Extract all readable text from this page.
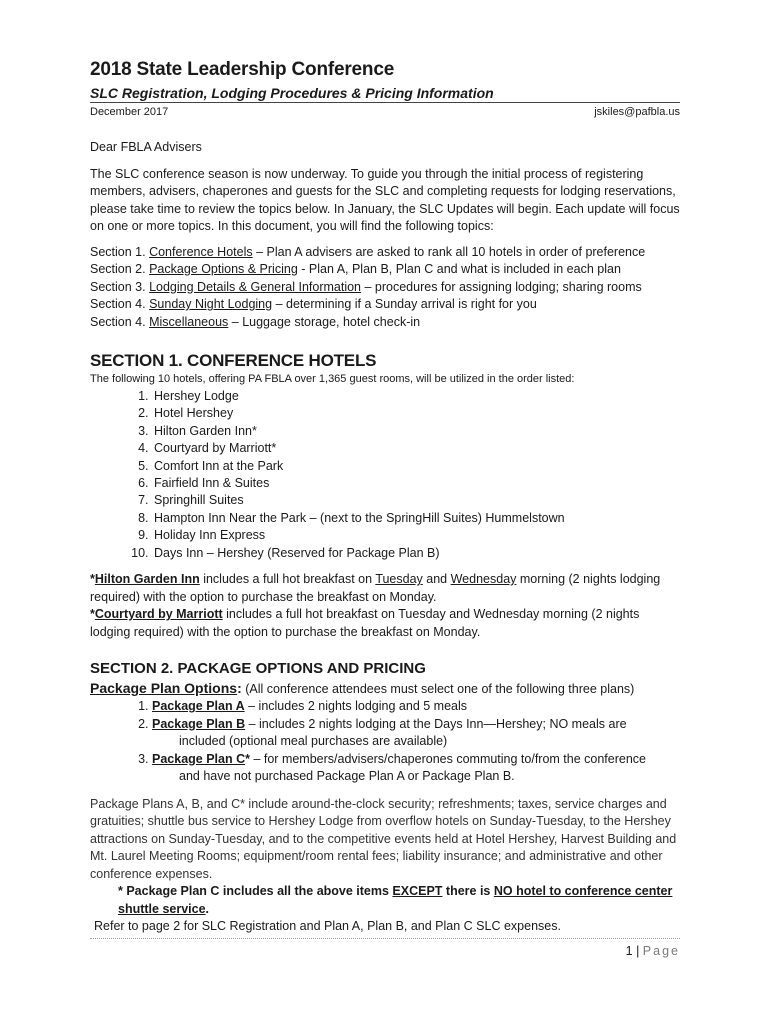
2018 State Leadership Conference
SLC Registration, Lodging Procedures & Pricing Information
December 2017	jskiles@pafbla.us

Dear FBLA Advisers

The SLC conference season is now underway. To guide you through the initial process of registering members, advisers, chaperones and guests for the SLC and completing requests for lodging reservations, please take time to review the topics below. In January, the SLC Updates will begin. Each update will focus on one or more topics. In this document, you will find the following topics:

Section 1. Conference Hotels – Plan A advisers are asked to rank all 10 hotels in order of preference
Section 2. Package Options & Pricing - Plan A, Plan B, Plan C and what is included in each plan
Section 3. Lodging Details & General Information – procedures for assigning lodging; sharing rooms
Section 4. Sunday Night Lodging – determining if a Sunday arrival is right for you
Section 4. Miscellaneous – Luggage storage, hotel check-in
SECTION 1. CONFERENCE HOTELS
The following 10 hotels, offering PA FBLA over 1,365 guest rooms, will be utilized in the order listed:
1. Hershey Lodge
2. Hotel Hershey
3. Hilton Garden Inn*
4. Courtyard by Marriott*
5. Comfort Inn at the Park
6. Fairfield Inn & Suites
7. Springhill Suites
8. Hampton Inn Near the Park – (next to the SpringHill Suites) Hummelstown
9. Holiday Inn Express
10. Days Inn – Hershey (Reserved for Package Plan B)

*Hilton Garden Inn includes a full hot breakfast on Tuesday and Wednesday morning (2 nights lodging required) with the option to purchase the breakfast on Monday.

*Courtyard by Marriott includes a full hot breakfast on Tuesday and Wednesday morning (2 nights lodging required) with the option to purchase the breakfast on Monday.

SECTION 2. PACKAGE OPTIONS AND PRICING
Package Plan Options: (All conference attendees must select one of the following three plans)
1. Package Plan A – includes 2 nights lodging and 5 meals
2. Package Plan B – includes 2 nights lodging at the Days Inn—Hershey; NO meals are
included (optional meal purchases are available)
3. Package Plan C* – for members/advisers/chaperones commuting to/from the conference
and have not purchased Package Plan A or Package Plan B.

Package Plans A, B, and C* include around-the-clock security; refreshments; taxes, service charges and gratuities; shuttle bus service to Hershey Lodge from overflow hotels on Sunday-Tuesday, to the Hershey attractions on Sunday-Tuesday, and to the competitive events held at Hotel Hershey, Harvest Building and Mt. Laurel Meeting Rooms; equipment/room rental fees; liability insurance; and administrative and other conference expenses.

* Package Plan C includes all the above items EXCEPT there is NO hotel to conference center shuttle service.

Refer to page 2 for SLC Registration and Plan A, Plan B, and Plan C SLC expenses.

1 | Page
